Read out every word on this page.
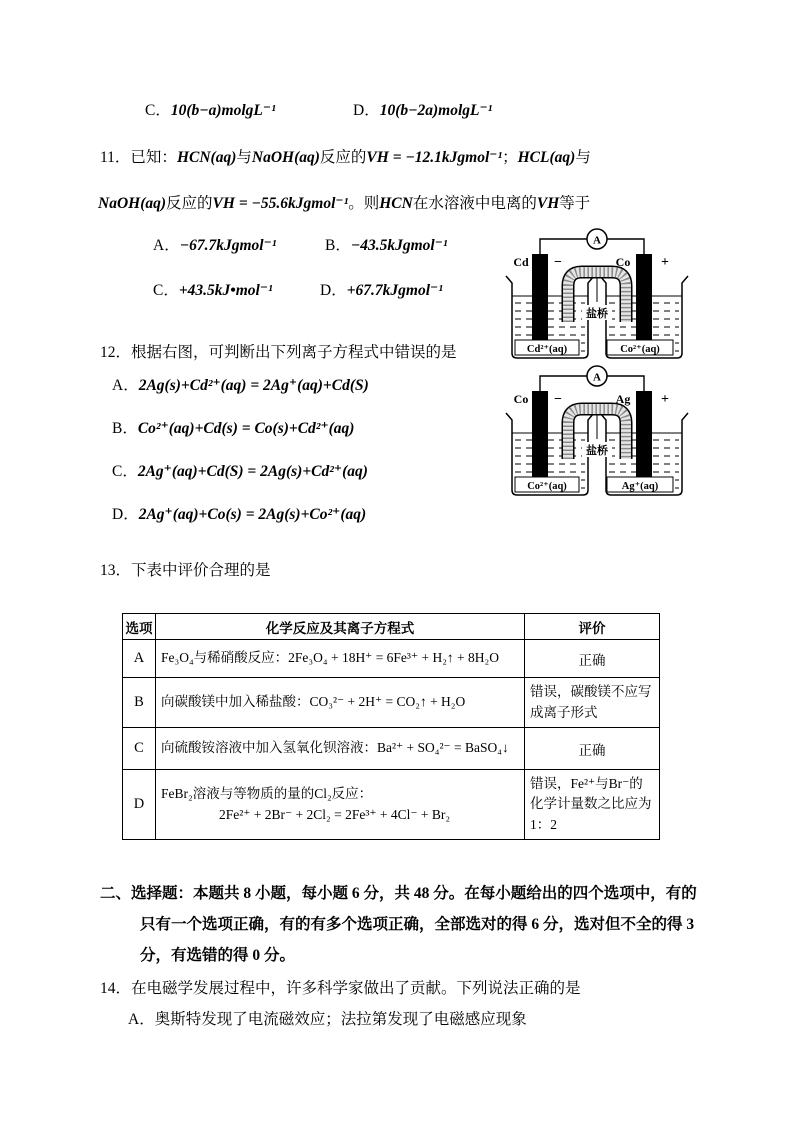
C．10(b−a)molgL⁻¹	D．10(b−2a)molgL⁻¹
11．已知：HCN(aq)与NaOH(aq)反应的VH = −12.1kJgmol⁻¹；HCL(aq)与
NaOH(aq)反应的VH = −55.6kJgmol⁻¹。则HCN在水溶液中电离的VH等于
A．−67.7kJgmol⁻¹	B．−43.5kJgmol⁻¹
C．+43.5kJ•mol⁻¹	D．+67.7kJgmol⁻¹
A
Cd −	Co +
盐桥
Cd²⁺(aq)	Co²⁺(aq)
12．根据右图，可判断出下列离子方程式中错误的是
A．2Ag(s)+Cd²⁺(aq) = 2Ag⁺(aq)+Cd(S)
B．Co²⁺(aq)+Cd(s) = Co(s)+Cd²⁺(aq)
C．2Ag⁺(aq)+Cd(S) = 2Ag(s)+Cd²⁺(aq)
D．2Ag⁺(aq)+Co(s) = 2Ag(s)+Co²⁺(aq)
A
Co −	Ag +
盐桥
Co²⁺(aq)	Ag⁺(aq)
13．下表中评价合理的是
选项	化学反应及其离子方程式	评价
A	Fe₃O₄与稀硝酸反应：2Fe₃O₄ + 18H⁺ = 6Fe³⁺ + H₂↑ + 8H₂O	正确
B	向碳酸镁中加入稀盐酸：CO₃²⁻ + 2H⁺ = CO₂↑ + H₂O	错误，碳酸镁不应写成离子形式
C	向硫酸铵溶液中加入氢氧化钡溶液：Ba²⁺ + SO₄²⁻ = BaSO₄↓	正确
D	FeBr₂溶液与等物质的量的Cl₂反应：
2Fe²⁺ + 2Br⁻ + 2Cl₂ = 2Fe³⁺ + 4Cl⁻ + Br₂	错误，Fe²⁺与Br⁻的化学计量数之比应为1：2
二、选择题：本题共 8 小题，每小题 6 分，共 48 分。在每小题给出的四个选项中，有的
只有一个选项正确，有的有多个选项正确，全部选对的得 6 分，选对但不全的得 3
分，有选错的得 0 分。
14．在电磁学发展过程中，许多科学家做出了贡献。下列说法正确的是
A．奥斯特发现了电流磁效应；法拉第发现了电磁感应现象
